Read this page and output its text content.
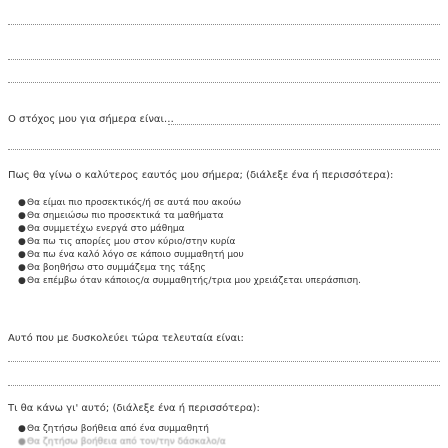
Ο στόχος μου για σήμερα είναι…
Πως θα γίνω ο καλύτερος εαυτός μου σήμερα; (διάλεξε ένα ή περισσότερα):
● Θα είμαι πιο προσεκτικός/ή σε αυτά που ακούω
● Θα σημειώσω πιο προσεκτικά τα μαθήματα
● Θα συμμετέχω ενεργά στο μάθημα
● Θα πω τις απορίες μου στον κύριο/στην κυρία
● Θα πω ένα καλό λόγο σε κάποιο συμμαθητή μου
● Θα βοηθήσω στο συμμάζεμα της τάξης
● Θα επέμβω όταν κάποιος/α συμμαθητής/τρια μου χρειάζεται υπεράσπιση.
Αυτό που με δυσκολεύει τώρα τελευταία είναι:
Τι θα κάνω γι' αυτό; (διάλεξε ένα ή περισσότερα):
● Θα ζητήσω βοήθεια από ένα συμμαθητή
● Θα ζητήσω βοήθεια από τον/την δάσκαλο/α
